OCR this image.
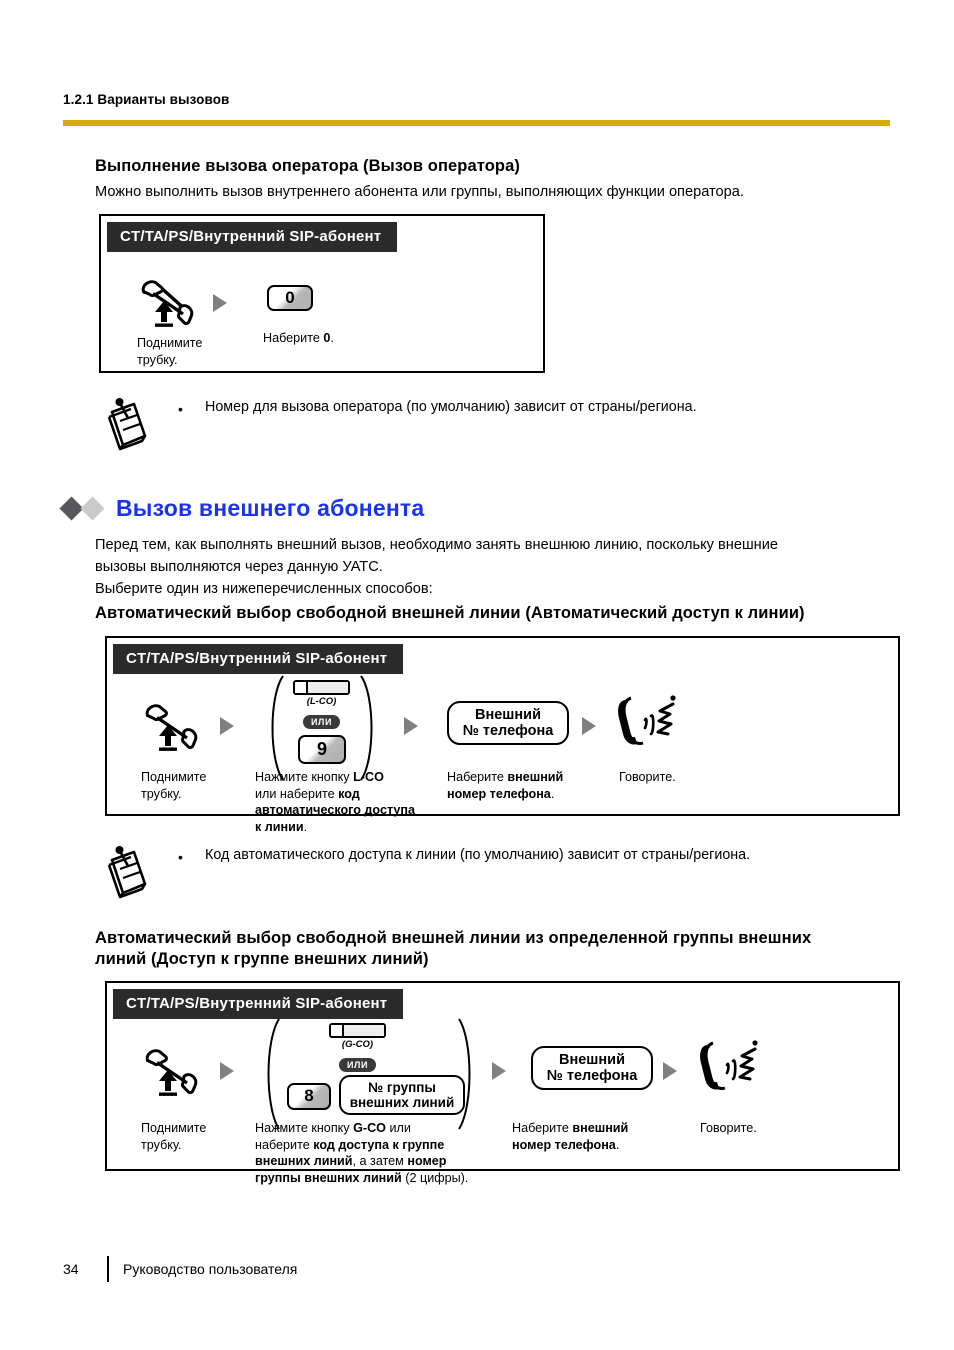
1.2.1 Варианты вызовов
Выполнение вызова оператора (Вызов оператора)
Можно выполнить вызов внутреннего абонента или группы, выполняющих функции оператора.
CT/TA/PS/Внутренний SIP-абонент
0
Поднимите
трубку.
Наберите 0.
• Номер для вызова оператора (по умолчанию) зависит от страны/региона.
Вызов внешнего абонента
Перед тем, как выполнять внешний вызов, необходимо занять внешнюю линию, поскольку внешние
вызовы выполняются через данную УАТС.
Выберите один из нижеперечисленных способов:
Автоматический выбор свободной внешней линии (Автоматический доступ к линии)
CT/TA/PS/Внутренний SIP-абонент
(L-CO)
ИЛИ
9
Внешний
№ телефона
Поднимите
трубку.
Нажмите кнопку L-CO
или наберите код
автоматического доступа
к линии.
Наберите внешний
номер телефона.
Говорите.
• Код автоматического доступа к линии (по умолчанию) зависит от страны/региона.
Автоматический выбор свободной внешней линии из определенной группы внешних
линий (Доступ к группе внешних линий)
CT/TA/PS/Внутренний SIP-абонент
(G-CO)
ИЛИ
8	№ группы
внешних линий
Внешний
№ телефона
Поднимите
трубку.
Нажмите кнопку G-CO или
наберите код доступа к группе
внешних линий, а затем номер
группы внешних линий (2 цифры).
Наберите внешний
номер телефона.
Говорите.
34	Руководство пользователя
